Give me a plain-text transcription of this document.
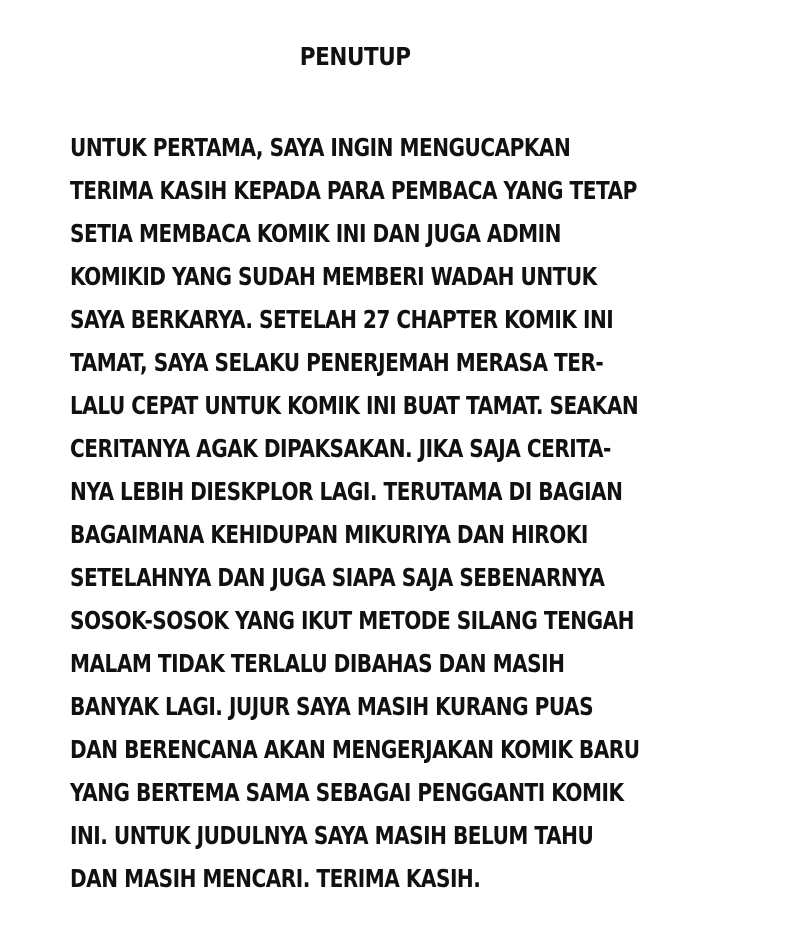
PENUTUP
UNTUK PERTAMA, SAYA INGIN MENGUCAPKAN
TERIMA KASIH KEPADA PARA PEMBACA YANG TETAP
SETIA MEMBACA KOMIK INI DAN JUGA ADMIN
KOMIKID YANG SUDAH MEMBERI WADAH UNTUK
SAYA BERKARYA. SETELAH 27 CHAPTER KOMIK INI
TAMAT, SAYA SELAKU PENERJEMAH MERASA TER-
LALU CEPAT UNTUK KOMIK INI BUAT TAMAT. SEAKAN
CERITANYA AGAK DIPAKSAKAN. JIKA SAJA CERITA-
NYA LEBIH DIESKPLOR LAGI. TERUTAMA DI BAGIAN
BAGAIMANA KEHIDUPAN MIKURIYA DAN HIROKI
SETELAHNYA DAN JUGA SIAPA SAJA SEBENARNYA
SOSOK-SOSOK YANG IKUT METODE SILANG TENGAH
MALAM TIDAK TERLALU DIBAHAS DAN MASIH
BANYAK LAGI. JUJUR SAYA MASIH KURANG PUAS
DAN BERENCANA AKAN MENGERJAKAN KOMIK BARU
YANG BERTEMA SAMA SEBAGAI PENGGANTI KOMIK
INI. UNTUK JUDULNYA SAYA MASIH BELUM TAHU
DAN MASIH MENCARI. TERIMA KASIH.
